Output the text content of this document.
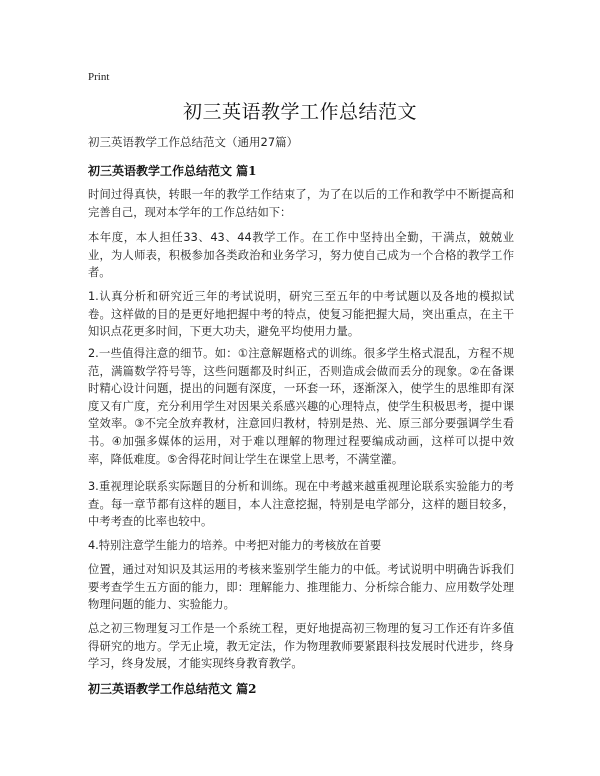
Print
初三英语教学工作总结范文
初三英语教学工作总结范文（通用27篇）
初三英语教学工作总结范文 篇1

时间过得真快，转眼一年的教学工作结束了，为了在以后的工作和教学中不断提高和完善自己，现对本学年的工作总结如下：

本年度，本人担任33、43、44教学工作。在工作中坚持出全勤，干满点，兢兢业业，为人师表，积极参加各类政治和业务学习，努力使自己成为一个合格的教学工作者。

1.认真分析和研究近三年的考试说明，研究三至五年的中考试题以及各地的模拟试卷。这样做的目的是更好地把握中考的特点，使复习能把握大局，突出重点，在主干知识点花更多时间，下更大功夫，避免平均使用力量。

2.一些值得注意的细节。如：①注意解题格式的训练。很多学生格式混乱，方程不规范，满篇数学符号等，这些问题都及时纠正，否则造成会做而丢分的现象。②在备课时精心设计问题，提出的问题有深度，一环套一环，逐渐深入，使学生的思维即有深度又有广度，充分利用学生对因果关系感兴趣的心理特点，使学生积极思考，提中课堂效率。③不完全放弃教材，注意回归教材，特别是热、光、原三部分要强调学生看书。④加强多媒体的运用，对于难以理解的物理过程要编成动画，这样可以提中效率，降低难度。⑤舍得花时间让学生在课堂上思考，不满堂灌。

3.重视理论联系实际题目的分析和训练。现在中考越来越重视理论联系实验能力的考查。每一章节都有这样的题目，本人注意挖掘，特别是电学部分，这样的题目较多，中考考查的比率也较中。

4.特别注意学生能力的培养。中考把对能力的考核放在首要

位置，通过对知识及其运用的考核来鉴别学生能力的中低。考试说明中明确告诉我们要考查学生五方面的能力，即：理解能力、推理能力、分析综合能力、应用数学处理物理问题的能力、实验能力。

总之初三物理复习工作是一个系统工程，更好地提高初三物理的复习工作还有许多值得研究的地方。学无止境，教无定法，作为物理教师要紧跟科技发展时代进步，终身学习，终身发展，才能实现终身教育教学。

初三英语教学工作总结范文 篇2
